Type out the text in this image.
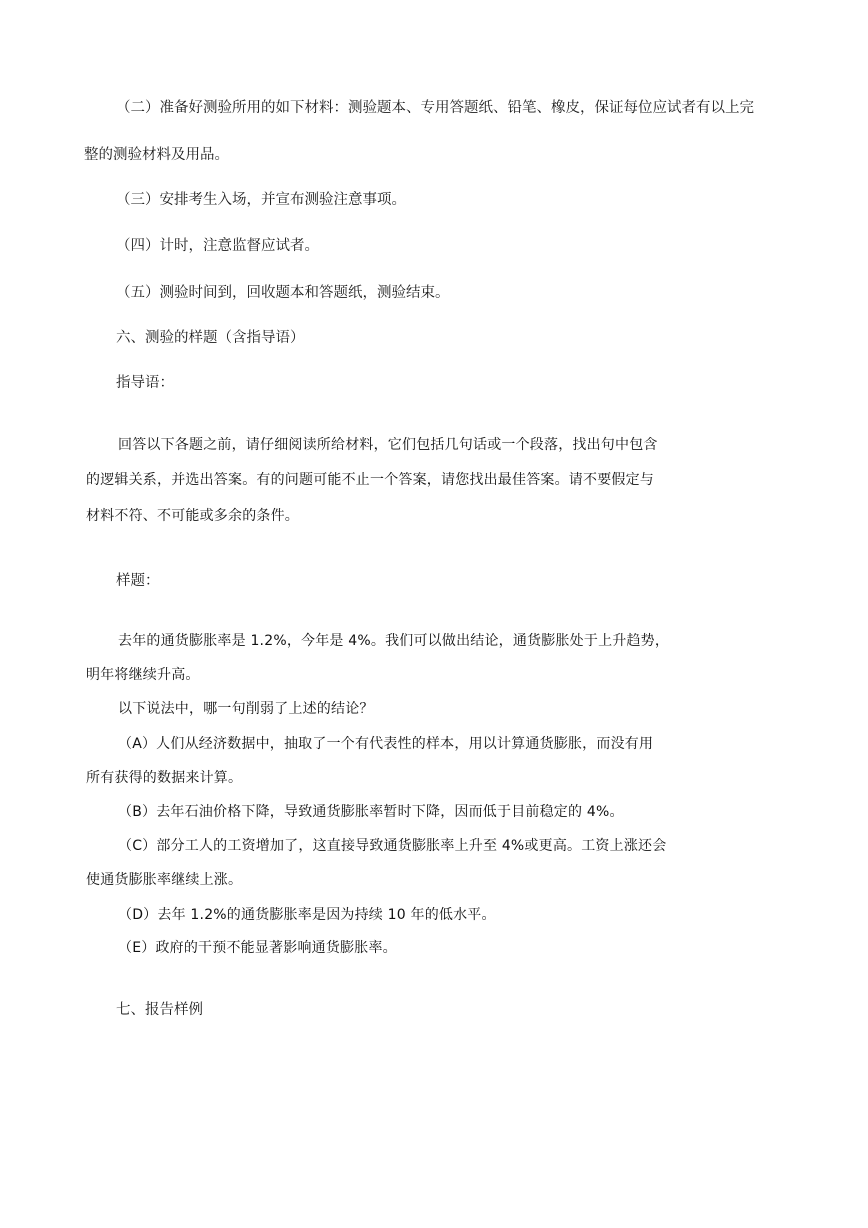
（二）准备好测验所用的如下材料：测验题本、专用答题纸、铅笔、橡皮，保证每位应试者有以上完
整的测验材料及用品。
（三）安排考生入场，并宣布测验注意事项。
（四）计时，注意监督应试者。
（五）测验时间到，回收题本和答题纸，测验结束。
六、测验的样题（含指导语）
指导语：
回答以下各题之前，请仔细阅读所给材料，它们包括几句话或一个段落，找出句中包含
的逻辑关系，并选出答案。有的问题可能不止一个答案，请您找出最佳答案。请不要假定与
材料不符、不可能或多余的条件。
样题：
去年的通货膨胀率是 1.2%，今年是 4%。我们可以做出结论，通货膨胀处于上升趋势，
明年将继续升高。
以下说法中，哪一句削弱了上述的结论？
（A）人们从经济数据中，抽取了一个有代表性的样本，用以计算通货膨胀，而没有用
所有获得的数据来计算。
（B）去年石油价格下降，导致通货膨胀率暂时下降，因而低于目前稳定的 4%。
（C）部分工人的工资增加了，这直接导致通货膨胀率上升至 4%或更高。工资上涨还会
使通货膨胀率继续上涨。
（D）去年 1.2%的通货膨胀率是因为持续 10 年的低水平。
（E）政府的干预不能显著影响通货膨胀率。
七、报告样例
